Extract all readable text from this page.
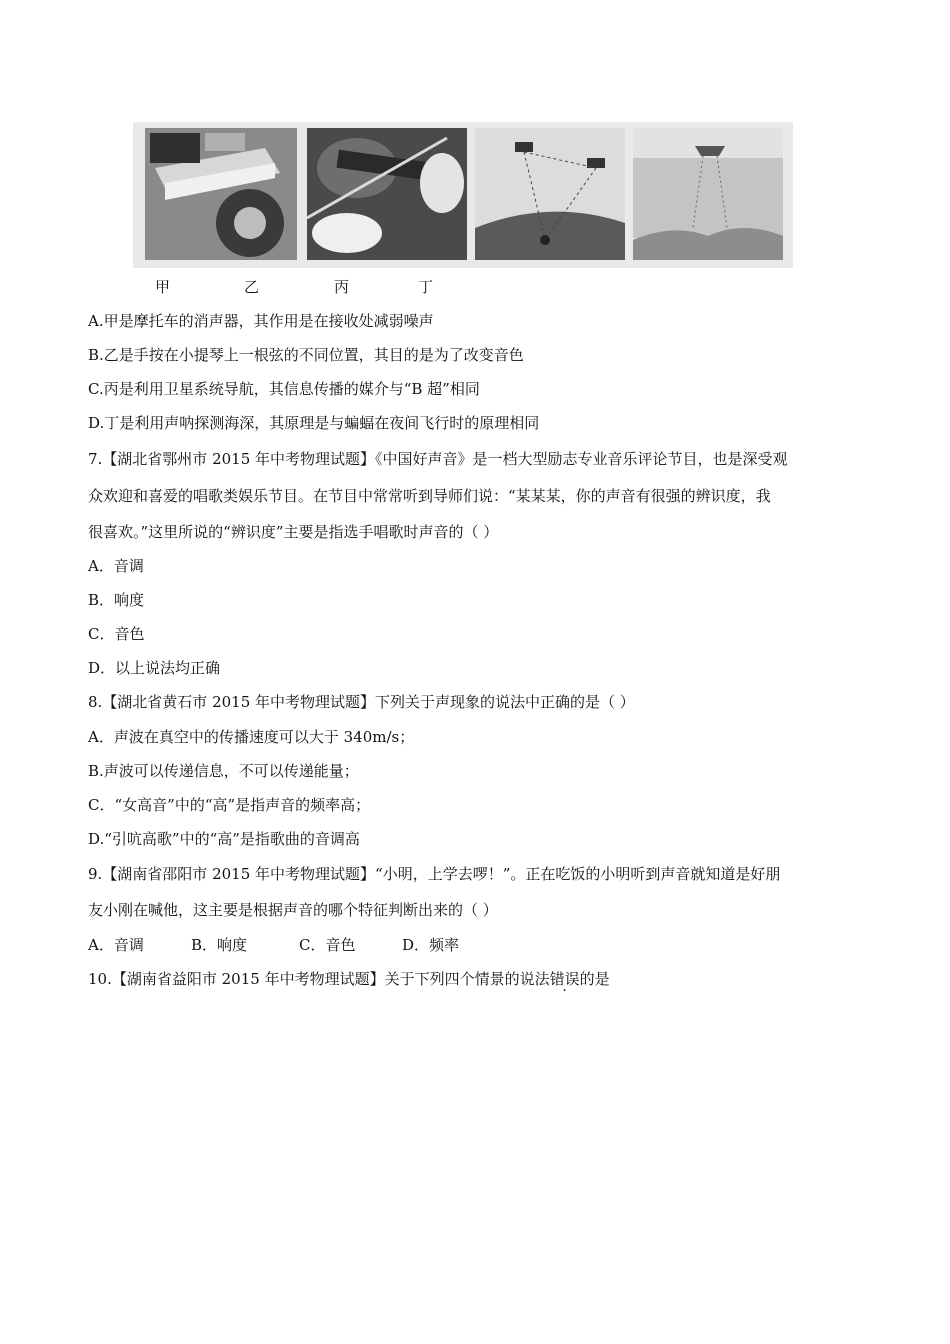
甲	乙	丙	丁
A.甲是摩托车的消声器，其作用是在接收处减弱噪声
B.乙是手按在小提琴上一根弦的不同位置，其目的是为了改变音色
C.丙是利用卫星系统导航，其信息传播的媒介与“B 超”相同
D.丁是利用声呐探测海深，其原理是与蝙蝠在夜间飞行时的原理相同
7.【湖北省鄂州市 2015 年中考物理试题】《中国好声音》是一档大型励志专业音乐评论节目，也是深受观
众欢迎和喜爱的唱歌类娱乐节目。在节目中常常听到导师们说：“某某某，你的声音有很强的辨识度，我
很喜欢。”这里所说的“辨识度”主要是指选手唱歌时声音的（ ）
A．音调
B．响度
C．音色
D．以上说法均正确
8.【湖北省黄石市 2015 年中考物理试题】下列关于声现象的说法中正确的是（ ）
A．声波在真空中的传播速度可以大于 340m/s；
B.声波可以传递信息，不可以传递能量；
C．“女高音”中的“高”是指声音的频率高；
D.“引吭高歌”中的“高”是指歌曲的音调高
9.【湖南省邵阳市 2015 年中考物理试题】“小明，上学去啰！”。正在吃饭的小明听到声音就知道是好朋
友小刚在喊他，这主要是根据声音的哪个特征判断出来的（ ）
A．音调	B．响度	C．音色	D．频率
10.【湖南省益阳市 2015 年中考物理试题】关于下列四个情景的说法错误的是
